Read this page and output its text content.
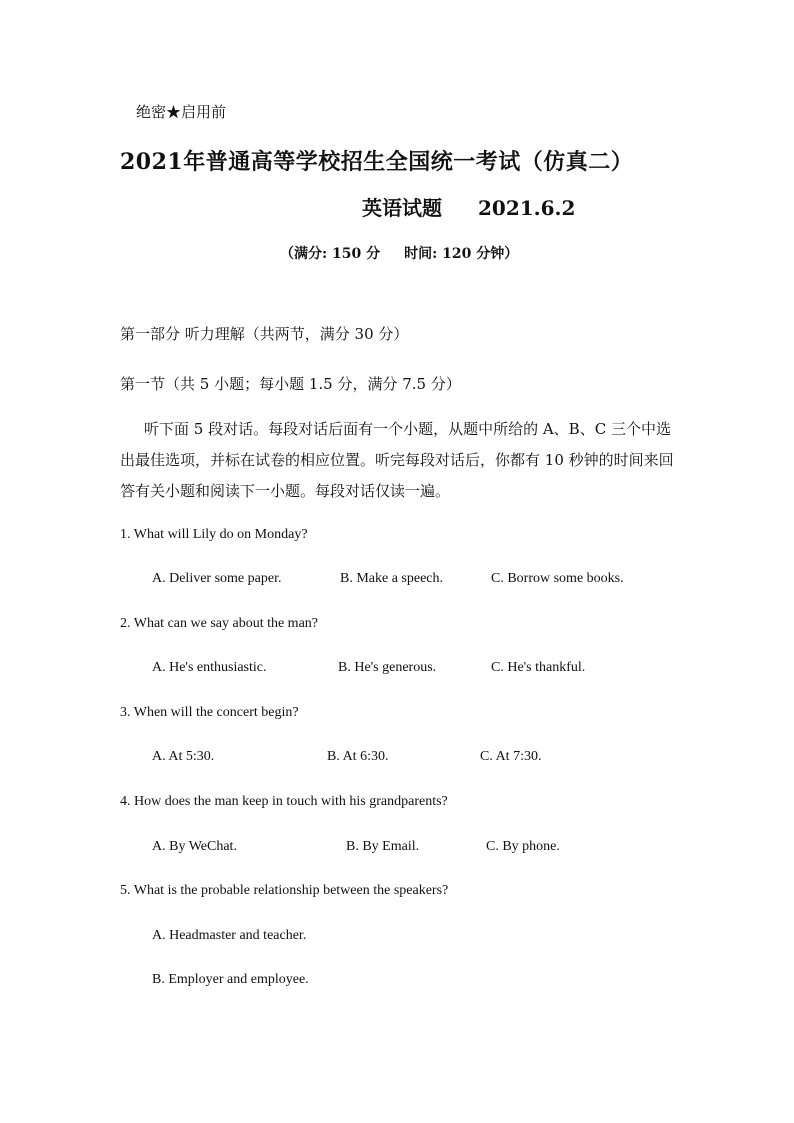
绝密★启用前
2021年普通高等学校招生全国统一考试（仿真二）
英语试题 2021.6.2
（满分: 150 分 时间: 120 分钟）
第一部分 听力理解（共两节，满分 30 分）
第一节（共 5 小题；每小题 1.5 分，满分 7.5 分）
听下面 5 段对话。每段对话后面有一个小题，从题中所给的 A、B、C 三个中选出最佳选项，并标在试卷的相应位置。听完每段对话后，你都有 10 秒钟的时间来回答有关小题和阅读下一小题。每段对话仅读一遍。
1. What will Lily do on Monday?
A. Deliver some paper.	B. Make a speech.	C. Borrow some books.
2. What can we say about the man?
A. He's enthusiastic.	B. He's generous.	C. He's thankful.
3. When will the concert begin?
A. At 5:30.	B. At 6:30.	C. At 7:30.
4. How does the man keep in touch with his grandparents?
A. By WeChat.	B. By Email.	C. By phone.
5. What is the probable relationship between the speakers?
A. Headmaster and teacher.
B. Employer and employee.
